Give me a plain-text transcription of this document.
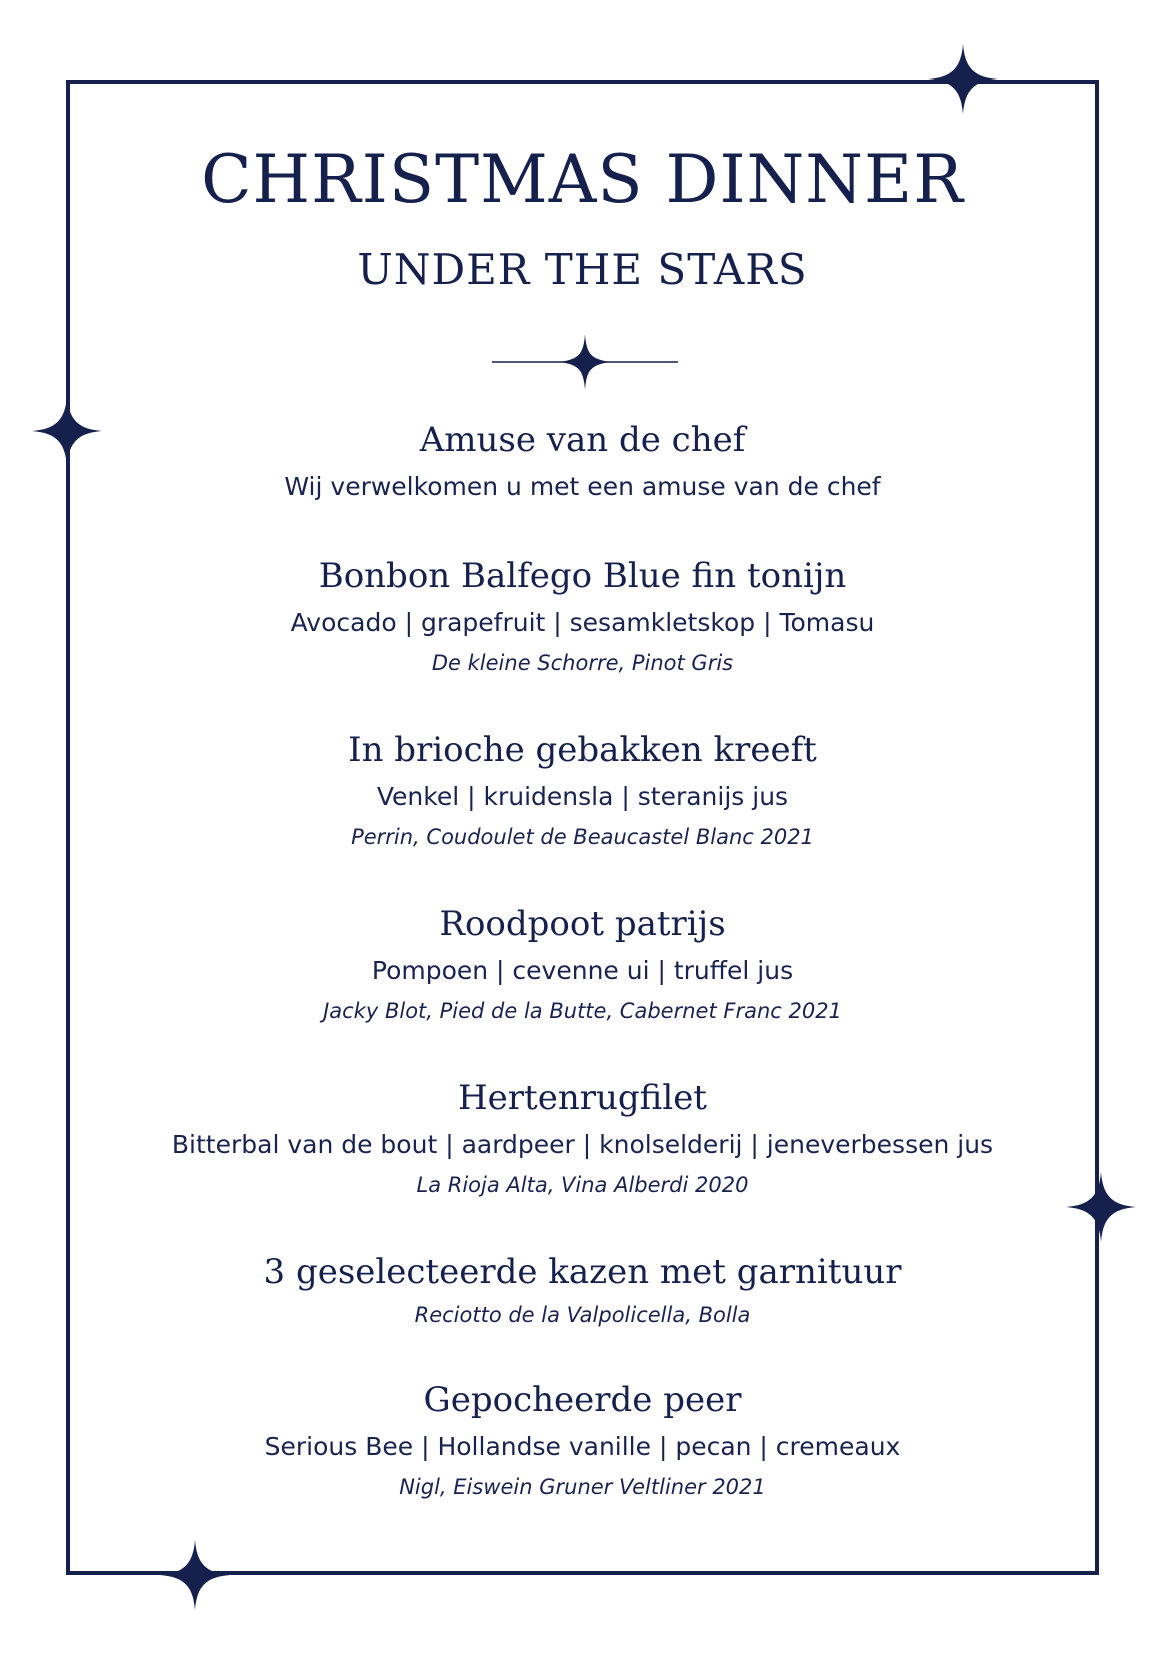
CHRISTMAS DINNER
UNDER THE STARS
Amuse van de chef
Wij verwelkomen u met een amuse van de chef
Bonbon Balfego Blue fin tonijn
Avocado | grapefruit | sesamkletskop | Tomasu
De kleine Schorre, Pinot Gris
In brioche gebakken kreeft
Venkel | kruidensla | steranijs jus
Perrin, Coudoulet de Beaucastel Blanc 2021
Roodpoot patrijs
Pompoen | cevenne ui | truffel jus
Jacky Blot, Pied de la Butte, Cabernet Franc 2021
Hertenrugfilet
Bitterbal van de bout | aardpeer | knolselderij | jeneverbessen jus
La Rioja Alta, Vina Alberdi 2020
3 geselecteerde kazen met garnituur
Reciotto de la Valpolicella, Bolla
Gepocheerde peer
Serious Bee | Hollandse vanille | pecan | cremeaux
Nigl, Eiswein Gruner Veltliner 2021
